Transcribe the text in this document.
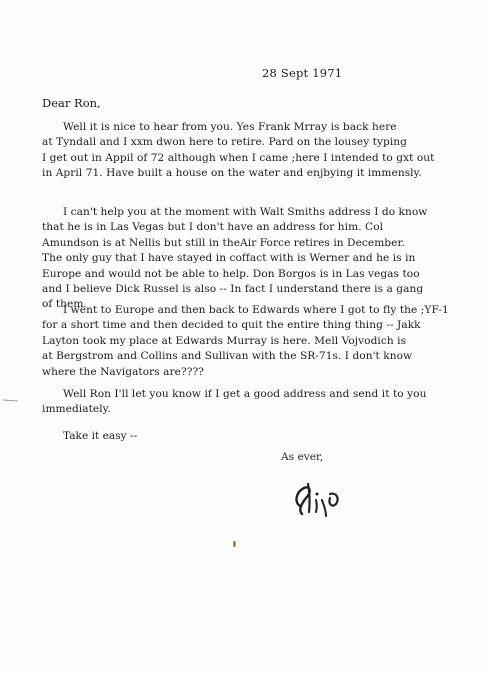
28 Sept 1971
Dear Ron,
Well it is nice to hear from you. Yes Frank Mrray is back here
at Tyndall and I xxm dwon here to retire. Pard on the lousey typing
I get out in Appil of 72 although when I came ;here I intended to gxt out
in April 71. Have built a house on the water and enjbying it immensly.
I can't help you at the moment with Walt Smiths address I do know
that he is in Las Vegas but I don't have an address for him. Col
Amundson is at Nellis but still in theAir Force retires in December.
The only guy that I have stayed in coffact with is Werner and he is in
Europe and would not be able to help. Don Borgos is in Las vegas too
and I believe Dick Russel is also -- In fact I understand there is a gang
of them.
I went to Europe and then back to Edwards where I got to fly the ;YF-1
for a short time and then decided to quit the entire thing thing -- Jakk
Layton took my place at Edwards Murray is here. Mell Vojvodich is
at Bergstrom and Collins and Sullivan with the SR-71s. I don't know
where the Navigators are????
Well Ron I'll let you know if I get a good address and send it to you
immediately.
Take it easy --
As ever,
